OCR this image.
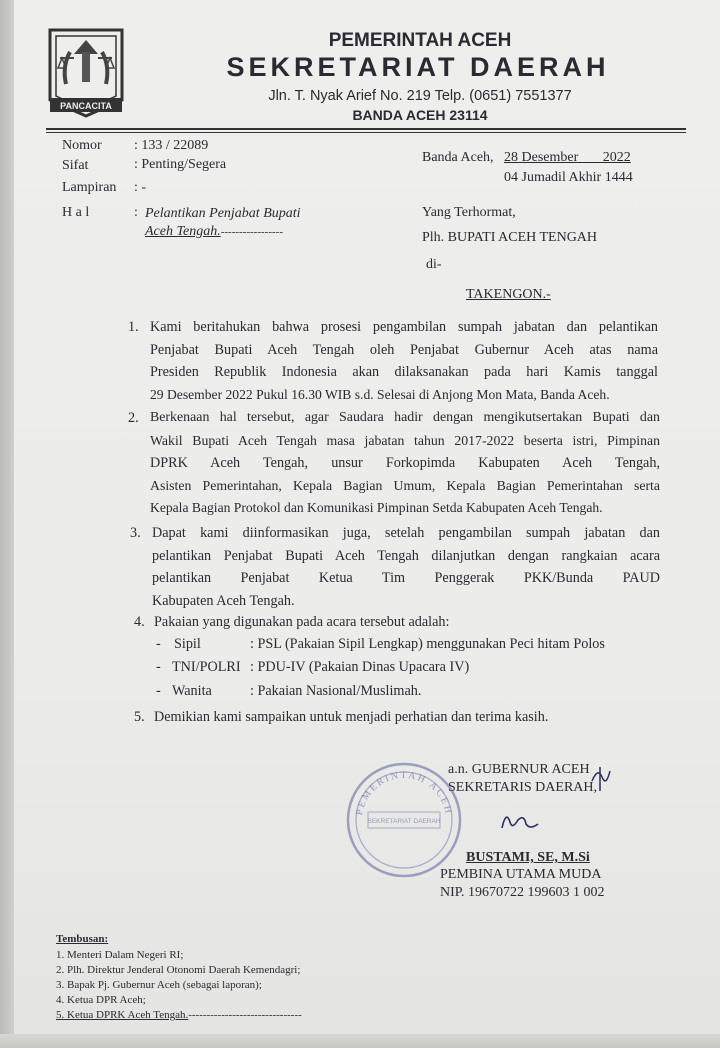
PANCACITA
PEMERINTAH ACEH
SEKRETARIAT DAERAH
Jln. T. Nyak Arief No. 219 Telp. (0651) 7551377
BANDA ACEH 23114
Nomor : 133 / 22089
Sifat	: Penting/Segera
Lampiran : -
H a l	: Pelantikan Penjabat Bupati
Aceh Tengah.-----------------
Banda Aceh, 28 Desember       2022
04 Jumadil Akhir 1444
Yang Terhormat,
Plh. BUPATI ACEH TENGAH
di-
TAKENGON.-
1. Kami beritahukan bahwa prosesi pengambilan sumpah jabatan dan pelantikan
Penjabat Bupati Aceh Tengah oleh Penjabat Gubernur Aceh atas nama
Presiden Republik Indonesia akan dilaksanakan pada hari Kamis tanggal
29 Desember 2022 Pukul 16.30 WIB s.d. Selesai di Anjong Mon Mata, Banda Aceh.
2. Berkenaan hal tersebut, agar Saudara hadir dengan mengikutsertakan Bupati dan
Wakil Bupati Aceh Tengah masa jabatan tahun 2017-2022 beserta istri, Pimpinan
DPRK Aceh Tengah, unsur Forkopimda Kabupaten Aceh Tengah,
Asisten Pemerintahan, Kepala Bagian Umum, Kepala Bagian Pemerintahan serta
Kepala Bagian Protokol dan Komunikasi Pimpinan Setda Kabupaten Aceh Tengah.
3. Dapat kami diinformasikan juga, setelah pengambilan sumpah jabatan dan
pelantikan Penjabat Bupati Aceh Tengah dilanjutkan dengan rangkaian acara
pelantikan Penjabat Ketua Tim Penggerak PKK/Bunda PAUD
Kabupaten Aceh Tengah.
4. Pakaian yang digunakan pada acara tersebut adalah:
- Sipil	: PSL (Pakaian Sipil Lengkap) menggunakan Peci hitam Polos
- TNI/POLRI : PDU-IV (Pakaian Dinas Upacara IV)
- Wanita	: Pakaian Nasional/Muslimah.
5. Demikian kami sampaikan untuk menjadi perhatian dan terima kasih.
PEMERINTAH ACEH
SEKRETARIAT DAERAH
a.n. GUBERNUR ACEH
SEKRETARIS DAERAH,
BUSTAMI, SE, M.Si
PEMBINA UTAMA MUDA
NIP. 19670722 199603 1 002
Tembusan:
1. Menteri Dalam Negeri RI;
2. Plh. Direktur Jenderal Otonomi Daerah Kemendagri;
3. Bapak Pj. Gubernur Aceh (sebagai laporan);
4. Ketua DPR Aceh;
5. Ketua DPRK Aceh Tengah.-------------------------------
